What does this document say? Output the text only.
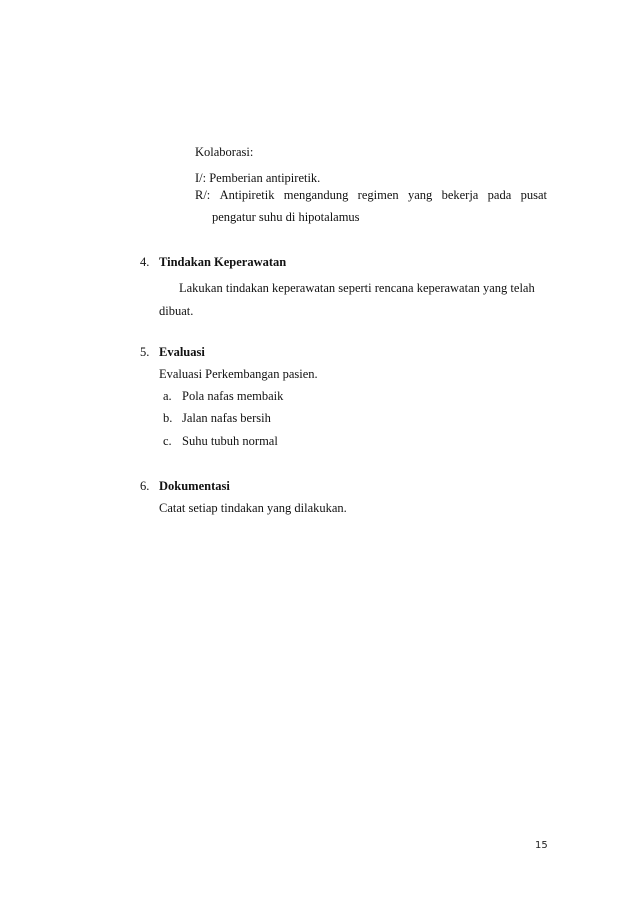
Kolaborasi:
I/: Pemberian antipiretik.
R/: Antipiretik mengandung regimen yang bekerja pada pusat
pengatur suhu di hipotalamus
4. Tindakan Keperawatan
Lakukan tindakan keperawatan seperti rencana keperawatan yang telah
dibuat.
5. Evaluasi
Evaluasi Perkembangan pasien.
a. Pola nafas membaik
b. Jalan nafas bersih
c. Suhu tubuh normal
6. Dokumentasi
Catat setiap tindakan yang dilakukan.
15
